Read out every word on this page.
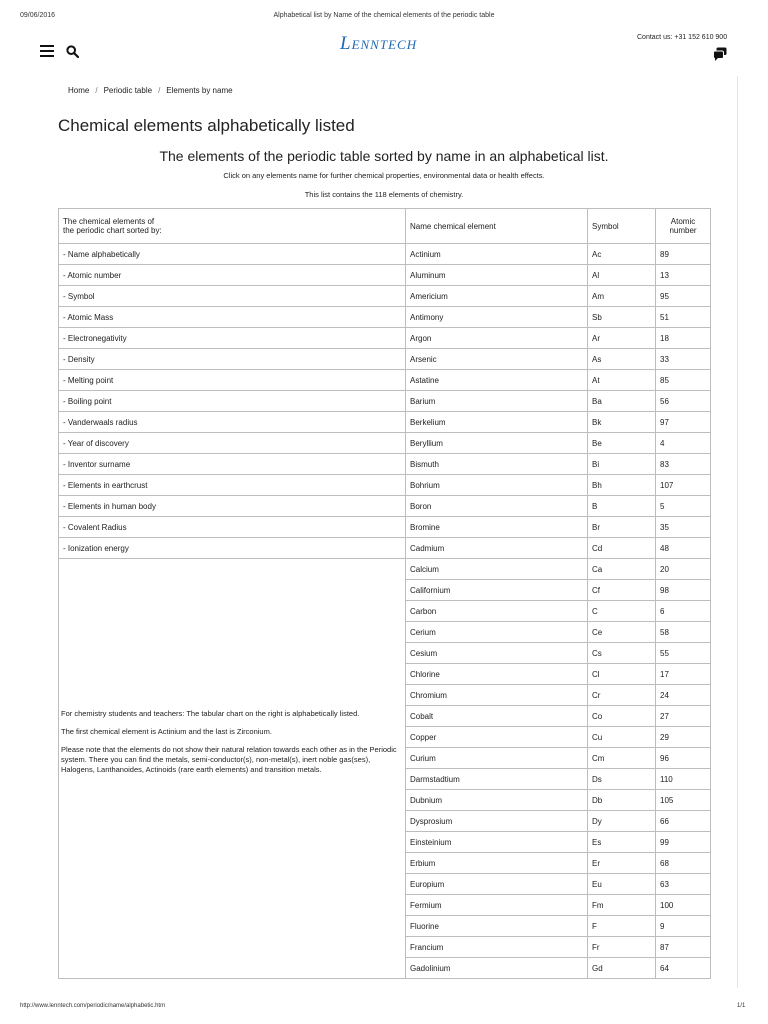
09/06/2016	Alphabetical list by Name of the chemical elements of the periodic table
Contact us: +31 152 610 900
Lenntech
Home / Periodic table / Elements by name
Chemical elements alphabetically listed
The elements of the periodic table sorted by name in an alphabetical list.
Click on any elements name for further chemical properties, environmental data or health effects.
This list contains the 118 elements of chemistry.
The chemical elements of
the periodic chart sorted by:	Name chemical element	Symbol	Atomic
number
- Name alphabetically	Actinium	Ac	89
- Atomic number	Aluminum	Al	13
- Symbol	Americium	Am	95
- Atomic Mass	Antimony	Sb	51
- Electronegativity	Argon	Ar	18
- Density	Arsenic	As	33
- Melting point	Astatine	At	85
- Boiling point	Barium	Ba	56
- Vanderwaals radius	Berkelium	Bk	97
- Year of discovery	Beryllium	Be	4
- Inventor surname	Bismuth	Bi	83
- Elements in earthcrust	Bohrium	Bh	107
- Elements in human body	Boron	B	5
- Covalent Radius	Bromine	Br	35
- Ionization energy	Cadmium	Cd	48

For chemistry students and teachers: The tabular chart on the right is alphabetically listed.

The first chemical element is Actinium and the last is Zirconium.

Please note that the elements do not show their natural relation towards each other as in the Periodic system. There you can find the metals, semi-conductor(s), non-metal(s), inert noble gas(ses), Halogens, Lanthanoides, Actinoids (rare earth elements) and transition metals.	Calcium	Ca	20
	Californium	Cf	98
	Carbon	C	6
	Cerium	Ce	58
	Cesium	Cs	55
	Chlorine	Cl	17
	Chromium	Cr	24
	Cobalt	Co	27
	Copper	Cu	29
	Curium	Cm	96
	Darmstadtium	Ds	110
	Dubnium	Db	105
	Dysprosium	Dy	66
	Einsteinium	Es	99
	Erbium	Er	68
	Europium	Eu	63
	Fermium	Fm	100
	Fluorine	F	9
	Francium	Fr	87
	Gadolinium	Gd	64
http://www.lenntech.com/periodic/name/alphabetic.htm	1/1
